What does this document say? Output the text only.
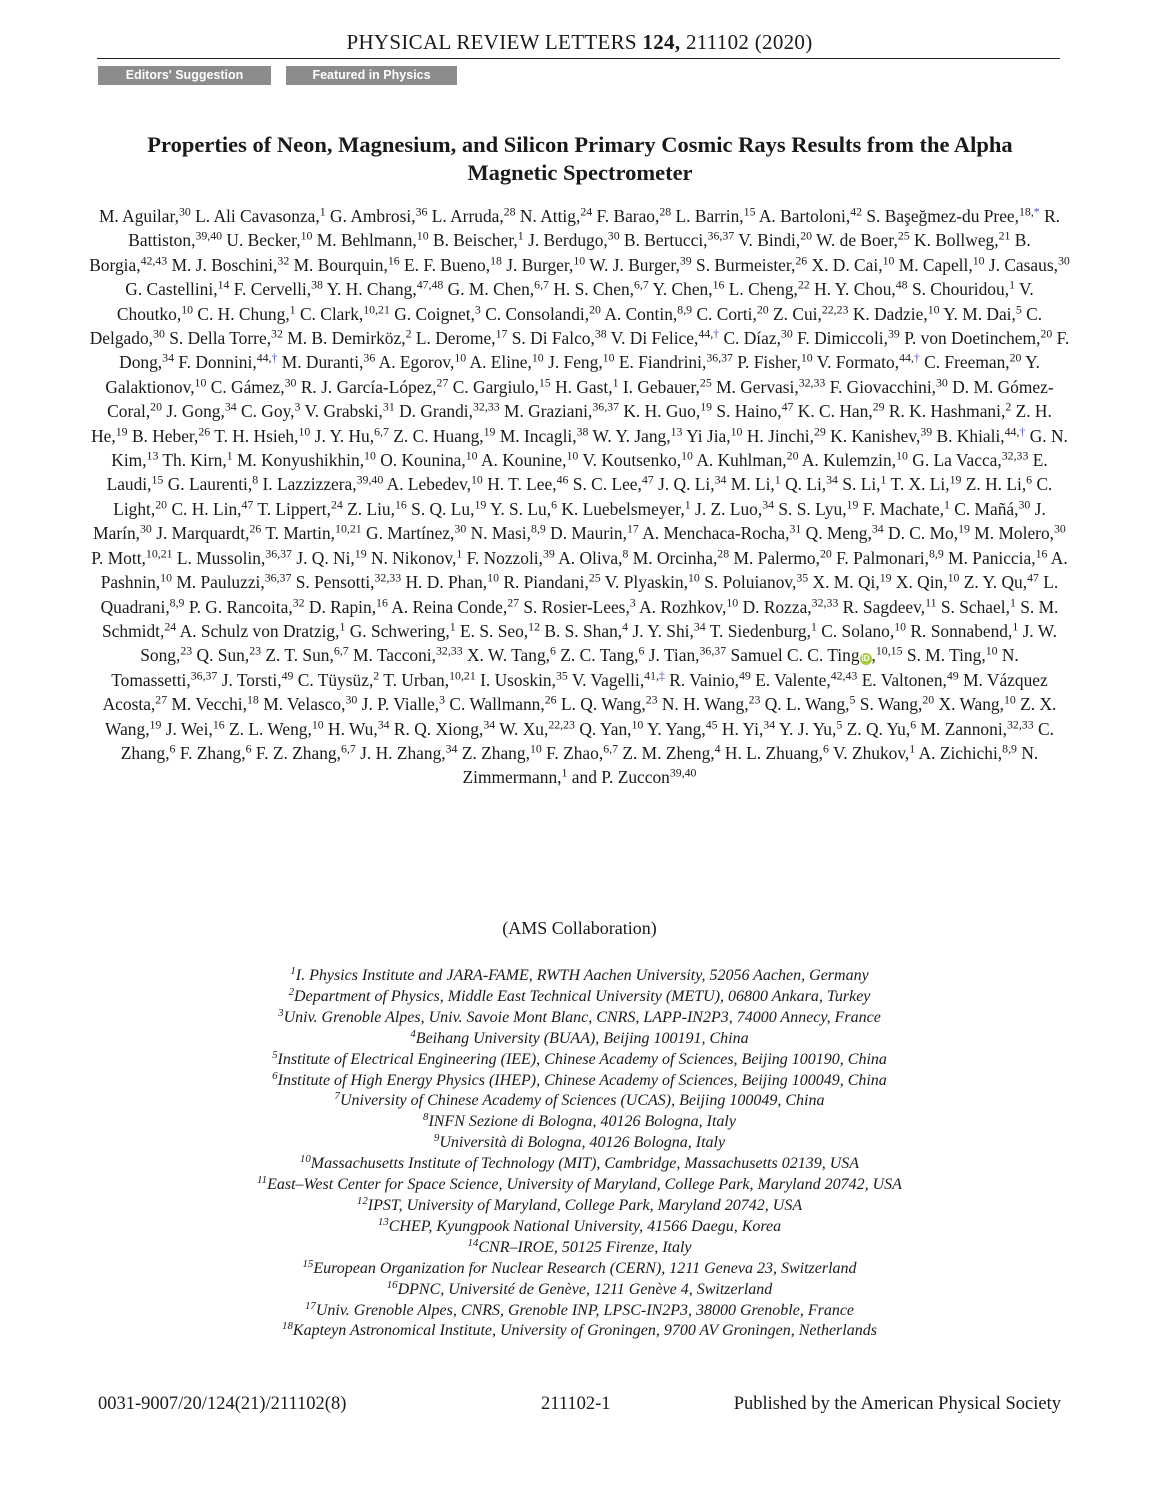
PHYSICAL REVIEW LETTERS 124, 211102 (2020)
Editors' Suggestion	Featured in Physics
Properties of Neon, Magnesium, and Silicon Primary Cosmic Rays Results from the Alpha Magnetic Spectrometer

M. Aguilar,$^{30}$ L. Ali Cavasonza,$^1$ G. Ambrosi,$^{36}$ L. Arruda,$^{28}$ N. Attig,$^{24}$ F. Barao,$^{28}$ L. Barrin,$^{15}$ A. Bartoloni,$^{42}$ S. Başeğmez-du Pree,$^{18,*}$ R. Battiston,$^{39,40}$ U. Becker,$^{10}$ M. Behlmann,$^{10}$ B. Beischer,$^1$ J. Berdugo,$^{30}$ B. Bertucci,$^{36,37}$ V. Bindi,$^{20}$ W. de Boer,$^{25}$ K. Bollweg,$^{21}$ B. Borgia,$^{42,43}$ M. J. Boschini,$^{32}$ M. Bourquin,$^{16}$ E. F. Bueno,$^{18}$ J. Burger,$^{10}$ W. J. Burger,$^{39}$ S. Burmeister,$^{26}$ X. D. Cai,$^{10}$ M. Capell,$^{10}$ J. Casaus,$^{30}$ G. Castellini,$^{14}$ F. Cervelli,$^{38}$ Y. H. Chang,$^{47,48}$ G. M. Chen,$^{6,7}$ H. S. Chen,$^{6,7}$ Y. Chen,$^{16}$ L. Cheng,$^{22}$ H. Y. Chou,$^{48}$ S. Chouridou,$^1$ V. Choutko,$^{10}$ C. H. Chung,$^1$ C. Clark,$^{10,21}$ G. Coignet,$^3$ C. Consolandi,$^{20}$ A. Contin,$^{8,9}$ C. Corti,$^{20}$ Z. Cui,$^{22,23}$ K. Dadzie,$^{10}$ Y. M. Dai,$^5$ C. Delgado,$^{30}$ S. Della Torre,$^{32}$ M. B. Demirköz,$^2$ L. Derome,$^{17}$ S. Di Falco,$^{38}$ V. Di Felice,$^{44,\dagger}$ C. Díaz,$^{30}$ F. Dimiccoli,$^{39}$ P. von Doetinchem,$^{20}$ F. Dong,$^{34}$ F. Donnini,$^{44,\dagger}$ M. Duranti,$^{36}$ A. Egorov,$^{10}$ A. Eline,$^{10}$ J. Feng,$^{10}$ E. Fiandrini,$^{36,37}$ P. Fisher,$^{10}$ V. Formato,$^{44,\dagger}$ C. Freeman,$^{20}$ Y. Galaktionov,$^{10}$ C. Gámez,$^{30}$ R. J. García-López,$^{27}$ C. Gargiulo,$^{15}$ H. Gast,$^1$ I. Gebauer,$^{25}$ M. Gervasi,$^{32,33}$ F. Giovacchini,$^{30}$ D. M. Gómez-Coral,$^{20}$ J. Gong,$^{34}$ C. Goy,$^3$ V. Grabski,$^{31}$ D. Grandi,$^{32,33}$ M. Graziani,$^{36,37}$ K. H. Guo,$^{19}$ S. Haino,$^{47}$ K. C. Han,$^{29}$ R. K. Hashmani,$^2$ Z. H. He,$^{19}$ B. Heber,$^{26}$ T. H. Hsieh,$^{10}$ J. Y. Hu,$^{6,7}$ Z. C. Huang,$^{19}$ M. Incagli,$^{38}$ W. Y. Jang,$^{13}$ Yi Jia,$^{10}$ H. Jinchi,$^{29}$ K. Kanishev,$^{39}$ B. Khiali,$^{44,\dagger}$ G. N. Kim,$^{13}$ Th. Kirn,$^1$ M. Konyushikhin,$^{10}$ O. Kounina,$^{10}$ A. Kounine,$^{10}$ V. Koutsenko,$^{10}$ A. Kuhlman,$^{20}$ A. Kulemzin,$^{10}$ G. La Vacca,$^{32,33}$ E. Laudi,$^{15}$ G. Laurenti,$^8$ I. Lazzizzera,$^{39,40}$ A. Lebedev,$^{10}$ H. T. Lee,$^{46}$ S. C. Lee,$^{47}$ J. Q. Li,$^{34}$ M. Li,$^1$ Q. Li,$^{34}$ S. Li,$^1$ T. X. Li,$^{19}$ Z. H. Li,$^6$ C. Light,$^{20}$ C. H. Lin,$^{47}$ T. Lippert,$^{24}$ Z. Liu,$^{16}$ S. Q. Lu,$^{19}$ Y. S. Lu,$^6$ K. Luebelsmeyer,$^1$ J. Z. Luo,$^{34}$ S. S. Lyu,$^{19}$ F. Machate,$^1$ C. Mañá,$^{30}$ J. Marín,$^{30}$ J. Marquardt,$^{26}$ T. Martin,$^{10,21}$ G. Martínez,$^{30}$ N. Masi,$^{8,9}$ D. Maurin,$^{17}$ A. Menchaca-Rocha,$^{31}$ Q. Meng,$^{34}$ D. C. Mo,$^{19}$ M. Molero,$^{30}$ P. Mott,$^{10,21}$ L. Mussolin,$^{36,37}$ J. Q. Ni,$^{19}$ N. Nikonov,$^1$ F. Nozzoli,$^{39}$ A. Oliva,$^8$ M. Orcinha,$^{28}$ M. Palermo,$^{20}$ F. Palmonari,$^{8,9}$ M. Paniccia,$^{16}$ A. Pashnin,$^{10}$ M. Pauluzzi,$^{36,37}$ S. Pensotti,$^{32,33}$ H. D. Phan,$^{10}$ R. Piandani,$^{25}$ V. Plyaskin,$^{10}$ S. Poluianov,$^{35}$ X. M. Qi,$^{19}$ X. Qin,$^{10}$ Z. Y. Qu,$^{47}$ L. Quadrani,$^{8,9}$ P. G. Rancoita,$^{32}$ D. Rapin,$^{16}$ A. Reina Conde,$^{27}$ S. Rosier-Lees,$^3$ A. Rozhkov,$^{10}$ D. Rozza,$^{32,33}$ R. Sagdeev,$^{11}$ S. Schael,$^1$ S. M. Schmidt,$^{24}$ A. Schulz von Dratzig,$^1$ G. Schwering,$^1$ E. S. Seo,$^{12}$ B. S. Shan,$^4$ J. Y. Shi,$^{34}$ T. Siedenburg,$^1$ C. Solano,$^{10}$ R. Sonnabend,$^1$ J. W. Song,$^{23}$ Q. Sun,$^{23}$ Z. T. Sun,$^{6,7}$ M. Tacconi,$^{32,33}$ X. W. Tang,$^6$ Z. C. Tang,$^6$ J. Tian,$^{36,37}$ Samuel C. C. Ting iD ,$^{10,15}$ S. M. Ting,$^{10}$ N. Tomassetti,$^{36,37}$ J. Torsti,$^{49}$ C. Tüysüz,$^2$ T. Urban,$^{10,21}$ I. Usoskin,$^{35}$ V. Vagelli,$^{41,\ddagger}$ R. Vainio,$^{49}$ E. Valente,$^{42,43}$ E. Valtonen,$^{49}$ M. Vázquez Acosta,$^{27}$ M. Vecchi,$^{18}$ M. Velasco,$^{30}$ J. P. Vialle,$^3$ C. Wallmann,$^{26}$ L. Q. Wang,$^{23}$ N. H. Wang,$^{23}$ Q. L. Wang,$^5$ S. Wang,$^{20}$ X. Wang,$^{10}$ Z. X. Wang,$^{19}$ J. Wei,$^{16}$ Z. L. Weng,$^{10}$ H. Wu,$^{34}$ R. Q. Xiong,$^{34}$ W. Xu,$^{22,23}$ Q. Yan,$^{10}$ Y. Yang,$^{45}$ H. Yi,$^{34}$ Y. J. Yu,$^5$ Z. Q. Yu,$^6$ M. Zannoni,$^{32,33}$ C. Zhang,$^6$ F. Zhang,$^6$ F. Z. Zhang,$^{6,7}$ J. H. Zhang,$^{34}$ Z. Zhang,$^{10}$ F. Zhao,$^{6,7}$ Z. M. Zheng,$^4$ H. L. Zhuang,$^6$ V. Zhukov,$^1$ A. Zichichi,$^{8,9}$ N. Zimmermann,$^1$ and P. Zuccon$^{39,40}$

(AMS Collaboration)
$^1$I. Physics Institute and JARA-FAME, RWTH Aachen University, 52056 Aachen, Germany
$^2$Department of Physics, Middle East Technical University (METU), 06800 Ankara, Turkey
$^3$Univ. Grenoble Alpes, Univ. Savoie Mont Blanc, CNRS, LAPP-IN2P3, 74000 Annecy, France
$^4$Beihang University (BUAA), Beijing 100191, China
$^5$Institute of Electrical Engineering (IEE), Chinese Academy of Sciences, Beijing 100190, China
$^6$Institute of High Energy Physics (IHEP), Chinese Academy of Sciences, Beijing 100049, China
$^7$University of Chinese Academy of Sciences (UCAS), Beijing 100049, China
$^8$INFN Sezione di Bologna, 40126 Bologna, Italy
$^9$Università di Bologna, 40126 Bologna, Italy
$^{10}$Massachusetts Institute of Technology (MIT), Cambridge, Massachusetts 02139, USA
$^{11}$East–West Center for Space Science, University of Maryland, College Park, Maryland 20742, USA
$^{12}$IPST, University of Maryland, College Park, Maryland 20742, USA
$^{13}$CHEP, Kyungpook National University, 41566 Daegu, Korea
$^{14}$CNR–IROE, 50125 Firenze, Italy
$^{15}$European Organization for Nuclear Research (CERN), 1211 Geneva 23, Switzerland
$^{16}$DPNC, Université de Genève, 1211 Genève 4, Switzerland
$^{17}$Univ. Grenoble Alpes, CNRS, Grenoble INP, LPSC-IN2P3, 38000 Grenoble, France
$^{18}$Kapteyn Astronomical Institute, University of Groningen, 9700 AV Groningen, Netherlands
0031-9007/20/124(21)/211102(8)	211102-1	Published by the American Physical Society
